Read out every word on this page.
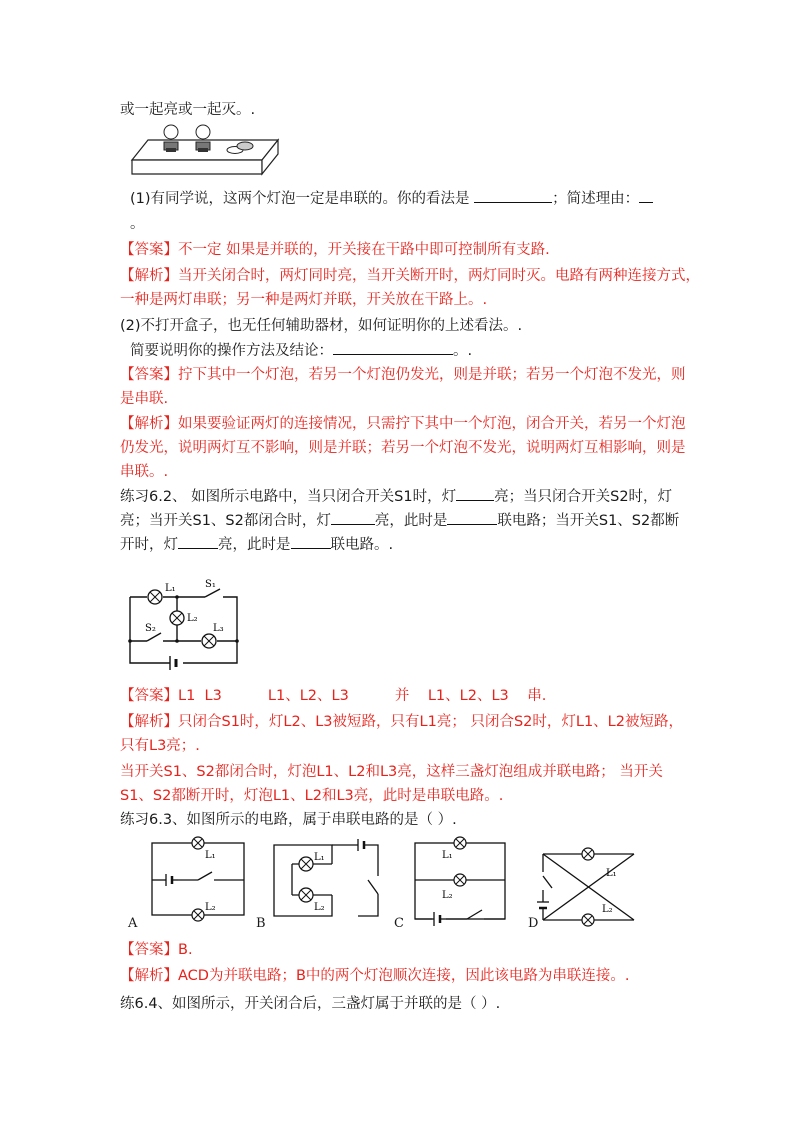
或一起亮或一起灭。.
(1)有同学说，这两个灯泡一定是串联的。你的看法是	；简述理由：
。
【答案】不一定 如果是并联的，开关接在干路中即可控制所有支路.
【解析】当开关闭合时，两灯同时亮，当开关断开时，两灯同时灭。电路有两种连接方式，
一种是两灯串联；另一种是两灯并联，开关放在干路上。.
(2)不打开盒子，也无任何辅助器材，如何证明你的上述看法。.
简要说明你的操作方法及结论：	。.
【答案】拧下其中一个灯泡，若另一个灯泡仍发光，则是并联；若另一个灯泡不发光，则
是串联.
【解析】如果要验证两灯的连接情况，只需拧下其中一个灯泡，闭合开关，若另一个灯泡
仍发光，说明两灯互不影响，则是并联；若另一个灯泡不发光，说明两灯互相影响，则是
串联。.
练习6.2、 如图所示电路中，当只闭合开关S1时，灯	亮；当只闭合开关S2时，灯
亮；当开关S1、S2都闭合时，灯	亮，此时是	联电路；当开关S1、S2都断
开时，灯	亮，此时是	联电路。.
L₁
L₂
L₃
S₁
S₂
【答案】L1  L3          L1、L2、L3          并    L1、L2、L3    串.
【解析】只闭合S1时，灯L2、L3被短路，只有L1亮； 只闭合S2时，灯L1、L2被短路，
只有L3亮；.
当开关S1、S2都闭合时，灯泡L1、L2和L3亮，这样三盏灯泡组成并联电路； 当开关
S1、S2都断开时，灯泡L1、L2和L3亮，此时是串联电路。.
练习6.3、如图所示的电路，属于串联电路的是（ ）.
L₁
L₂
A
L₁
L₂
B
L₁
L₂
C
L₁
L₂
D
【答案】B.
【解析】ACD为并联电路；B中的两个灯泡顺次连接，因此该电路为串联连接。.
练6.4、如图所示，开关闭合后，三盏灯属于并联的是（ ）.
